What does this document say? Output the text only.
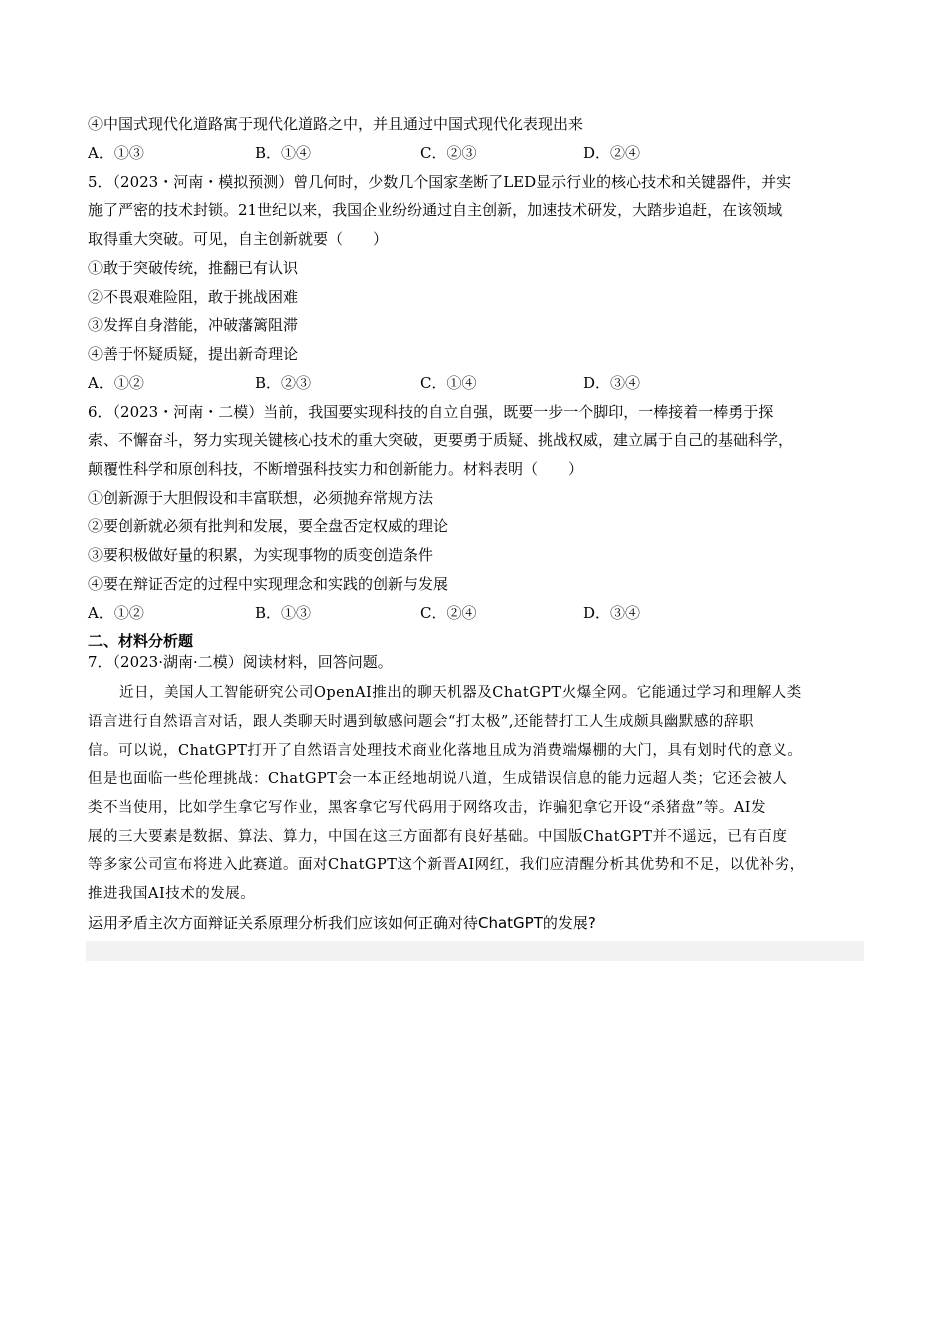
④中国式现代化道路寓于现代化道路之中，并且通过中国式现代化表现出来
A．①③	B．①④	C．②③	D．②④
5．（2023・河南・模拟预测）曾几何时，少数几个国家垄断了LED显示行业的核心技术和关键器件，并实
施了严密的技术封锁。21世纪以来，我国企业纷纷通过自主创新，加速技术研发，大踏步追赶，在该领域
取得重大突破。可见，自主创新就要（　　）
①敢于突破传统，推翻已有认识
②不畏艰难险阻，敢于挑战困难
③发挥自身潜能，冲破藩篱阻滞
④善于怀疑质疑，提出新奇理论
A．①②	B．②③	C．①④	D．③④
6．（2023・河南・二模）当前，我国要实现科技的自立自强，既要一步一个脚印，一棒接着一棒勇于探
索、不懈奋斗，努力实现关键核心技术的重大突破，更要勇于质疑、挑战权威，建立属于自己的基础科学，
颠覆性科学和原创科技，不断增强科技实力和创新能力。材料表明（　　）
①创新源于大胆假设和丰富联想，必须抛弃常规方法
②要创新就必须有批判和发展，要全盘否定权威的理论
③要积极做好量的积累，为实现事物的质变创造条件
④要在辩证否定的过程中实现理念和实践的创新与发展
A．①②	B．①③	C．②④	D．③④
二、材料分析题
7．（2023·湖南·二模）阅读材料，回答问题。
近日，美国人工智能研究公司OpenAI推出的聊天机器及ChatGPT火爆全网。它能通过学习和理解人类
语言进行自然语言对话，跟人类聊天时遇到敏感问题会“打太极”,还能替打工人生成颇具幽默感的辞职
信。可以说，ChatGPT打开了自然语言处理技术商业化落地且成为消费端爆棚的大门，具有划时代的意义。
但是也面临一些伦理挑战：ChatGPT会一本正经地胡说八道，生成错误信息的能力远超人类；它还会被人
类不当使用，比如学生拿它写作业，黑客拿它写代码用于网络攻击，诈骗犯拿它开设“杀猪盘”等。AI发
展的三大要素是数据、算法、算力，中国在这三方面都有良好基础。中国版ChatGPT并不遥远，已有百度
等多家公司宣布将进入此赛道。面对ChatGPT这个新晋AI网红，我们应清醒分析其优势和不足，以优补劣，
推进我国AI技术的发展。
运用矛盾主次方面辩证关系原理分析我们应该如何正确对待ChatGPT的发展?
